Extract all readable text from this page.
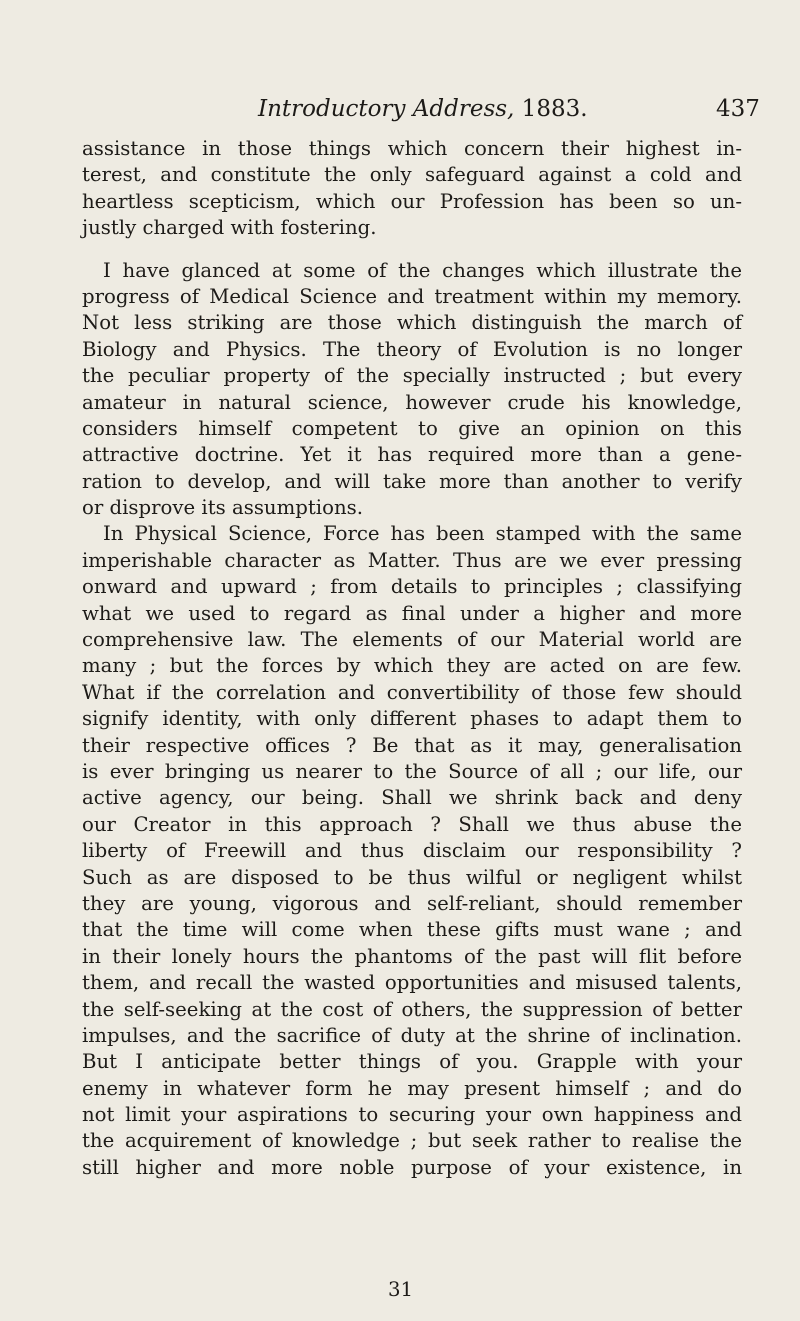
Introductory Address, 1883.	437
assistance in those things which concern their highest in-
terest, and constitute the only safeguard against a cold and
heartless scepticism, which our Profession has been so un-
justly charged with fostering.
I have glanced at some of the changes which illustrate the
progress of Medical Science and treatment within my memory.
Not less striking are those which distinguish the march of
Biology and Physics. The theory of Evolution is no longer
the peculiar property of the specially instructed ; but every
amateur in natural science, however crude his knowledge,
considers himself competent to give an opinion on this
attractive doctrine. Yet it has required more than a gene-
ration to develop, and will take more than another to verify
or disprove its assumptions.
In Physical Science, Force has been stamped with the same
imperishable character as Matter. Thus are we ever pressing
onward and upward ; from details to principles ; classifying
what we used to regard as final under a higher and more
comprehensive law. The elements of our Material world are
many ; but the forces by which they are acted on are few.
What if the correlation and convertibility of those few should
signify identity, with only different phases to adapt them to
their respective offices ? Be that as it may, generalisation
is ever bringing us nearer to the Source of all ; our life, our
active agency, our being. Shall we shrink back and deny
our Creator in this approach ? Shall we thus abuse the
liberty of Freewill and thus disclaim our responsibility ?
Such as are disposed to be thus wilful or negligent whilst
they are young, vigorous and self-reliant, should remember
that the time will come when these gifts must wane ; and
in their lonely hours the phantoms of the past will flit before
them, and recall the wasted opportunities and misused talents,
the self-seeking at the cost of others, the suppression of better
impulses, and the sacrifice of duty at the shrine of inclination.
But I anticipate better things of you. Grapple with your
enemy in whatever form he may present himself ; and do
not limit your aspirations to securing your own happiness and
the acquirement of knowledge ; but seek rather to realise the
still higher and more noble purpose of your existence, in
31
